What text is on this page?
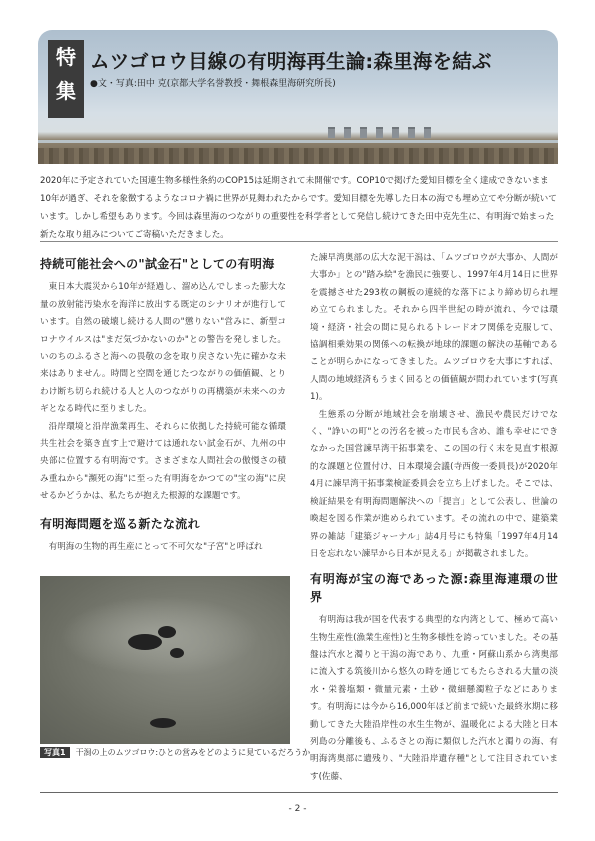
特集
ムツゴロウ目線の有明海再生論:森里海を結ぶ
●文・写真:田中 克(京都大学名誉教授・舞根森里海研究所長)
2020年に予定されていた国連生物多様性条約のCOP15は延期されて未開催です。COP10で掲げた愛知目標を全く達成できないまま10年が過ぎ、それを象徴するようなコロナ禍に世界が見舞われたからです。愛知目標を先導した日本の海でも埋め立てや分断が続いています。しかし希望もあります。今回は森里海のつながりの重要性を科学者として発信し続けてきた田中克先生に、有明海で始まった新たな取り組みについてご寄稿いただきました。
持続可能社会への"試金石"としての有明海

東日本大震災から10年が経過し、溜め込んでしまった膨大な量の放射能汚染水を海洋に放出する既定のシナリオが進行しています。自然の破壊し続ける人間の"懲りない"営みに、新型コロナウイルスは"まだ気づかないのか"との警告を発しました。いのちのふるさと海への畏敬の念を取り戻さない先に確かな未来はありません。時間と空間を通じたつながりの価値観、とりわけ断ち切られ続ける人と人のつながりの再構築が未来へのカギとなる時代に至りました。

沿岸環境と沿岸漁業再生、それらに依拠した持続可能な循環共生社会を築き直す上で避けては通れない試金石が、九州の中央部に位置する有明海です。さまざまな人間社会の傲慢さの積み重ねから"瀕死の海"に至った有明海をかつての"宝の海"に戻せるかどうかは、私たちが抱えた根源的な課題です。

有明海問題を巡る新たな流れ

有明海の生物的再生産にとって不可欠な"子宮"と呼ばれ

写真1 干潟の上のムツゴロウ:ひとの営みをどのように見ているだろうか

た諫早湾奥部の広大な泥干潟は、「ムツゴロウが大事か、人間が大事か」との"踏み絵"を漁民に強要し、1997年4月14日に世界を震撼させた293枚の鋼板の連続的な落下により締め切られ埋め立てられました。それから四半世紀の時が流れ、今では環境・経済・社会の間に見られるトレードオフ関係を克服して、協調相乗効果の関係への転換が地球的課題の解決の基軸であることが明らかになってきました。ムツゴロウを大事にすれば、人間の地域経済もうまく回るとの価値観が問われています(写真1)。

生態系の分断が地域社会を崩壊させ、漁民や農民だけでなく、"諍いの町"との汚名を被った市民も含め、誰も幸せにできなかった国営諫早湾干拓事業を、この国の行く末を見直す根源的な課題と位置付け、日本環境会議(寺西俊一委員長)が2020年4月に諫早湾干拓事業検証委員会を立ち上げました。そこでは、検証結果を有明海問題解決への「提言」として公表し、世論の喚起を図る作業が進められています。その流れの中で、建築業界の雑誌「建築ジャーナル」誌4月号にも特集「1997年4月14日を忘れない諫早から日本が見える」が掲載されました。

有明海が宝の海であった源:森里海連環の世界

有明海は我が国を代表する典型的な内湾として、極めて高い生物生産性(漁業生産性)と生物多様性を誇っていました。その基盤は汽水と濁りと干潟の海であり、九重・阿蘇山系から湾奥部に流入する筑後川から悠久の時を通じてもたらされる大量の淡水・栄養塩類・微量元素・土砂・微細懸濁粒子などにあります。有明海には今から16,000年ほど前まで続いた最終氷期に移動してきた大陸沿岸性の水生生物が、温暖化による大陸と日本列島の分離後も、ふるさとの海に類似した汽水と濁りの海、有明海湾奥部に遺残り、"大陸沿岸遺存種"として注目されています(佐藤、

- 2 -
